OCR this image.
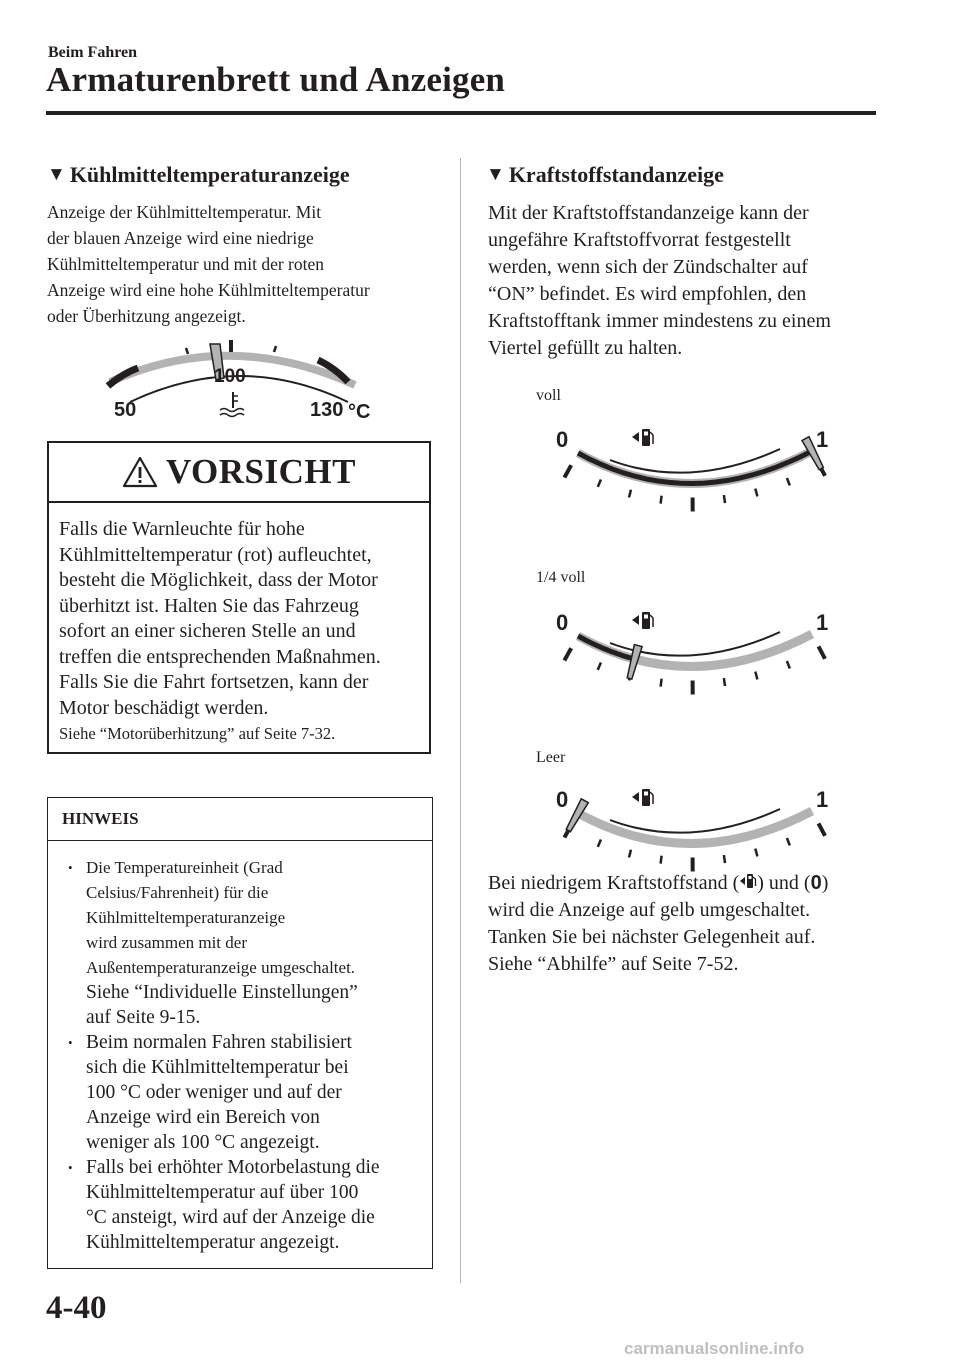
Beim Fahren
Armaturenbrett und Anzeigen
▼ Kühlmitteltemperaturanzeige
Anzeige der Kühlmitteltemperatur. Mit
der blauen Anzeige wird eine niedrige
Kühlmitteltemperatur und mit der roten
Anzeige wird eine hohe Kühlmitteltemperatur
oder Überhitzung angezeigt.
50
100
130 °C
VORSICHT
Falls die Warnleuchte für hohe
Kühlmitteltemperatur (rot) aufleuchtet,
besteht die Möglichkeit, dass der Motor
überhitzt ist. Halten Sie das Fahrzeug
sofort an einer sicheren Stelle an und
treffen die entsprechenden Maßnahmen.
Falls Sie die Fahrt fortsetzen, kann der
Motor beschädigt werden.
Siehe “Motorüberhitzung” auf Seite 7-32.
HINWEIS
• Die Temperatureinheit (Grad
Celsius/Fahrenheit) für die
Kühlmitteltemperaturanzeige
wird zusammen mit der
Außentemperaturanzeige umgeschaltet.
Siehe “Individuelle Einstellungen”
auf Seite 9-15.
• Beim normalen Fahren stabilisiert
sich die Kühlmitteltemperatur bei
100 °C oder weniger und auf der
Anzeige wird ein Bereich von
weniger als 100 °C angezeigt.
• Falls bei erhöhter Motorbelastung die
Kühlmitteltemperatur auf über 100
°C ansteigt, wird auf der Anzeige die
Kühlmitteltemperatur angezeigt.
▼ Kraftstoffstandanzeige
Mit der Kraftstoffstandanzeige kann der
ungefähre Kraftstoffvorrat festgestellt
werden, wenn sich der Zündschalter auf
“ON” befindet. Es wird empfohlen, den
Kraftstofftank immer mindestens zu einem
Viertel gefüllt zu halten.
voll
0	1
1/4 voll
0	1
Leer
0	1
Bei niedrigem Kraftstoffstand ( ) und (0)
wird die Anzeige auf gelb umgeschaltet.
Tanken Sie bei nächster Gelegenheit auf.
Siehe “Abhilfe” auf Seite 7-52.
4-40
carmanualsonline.info
